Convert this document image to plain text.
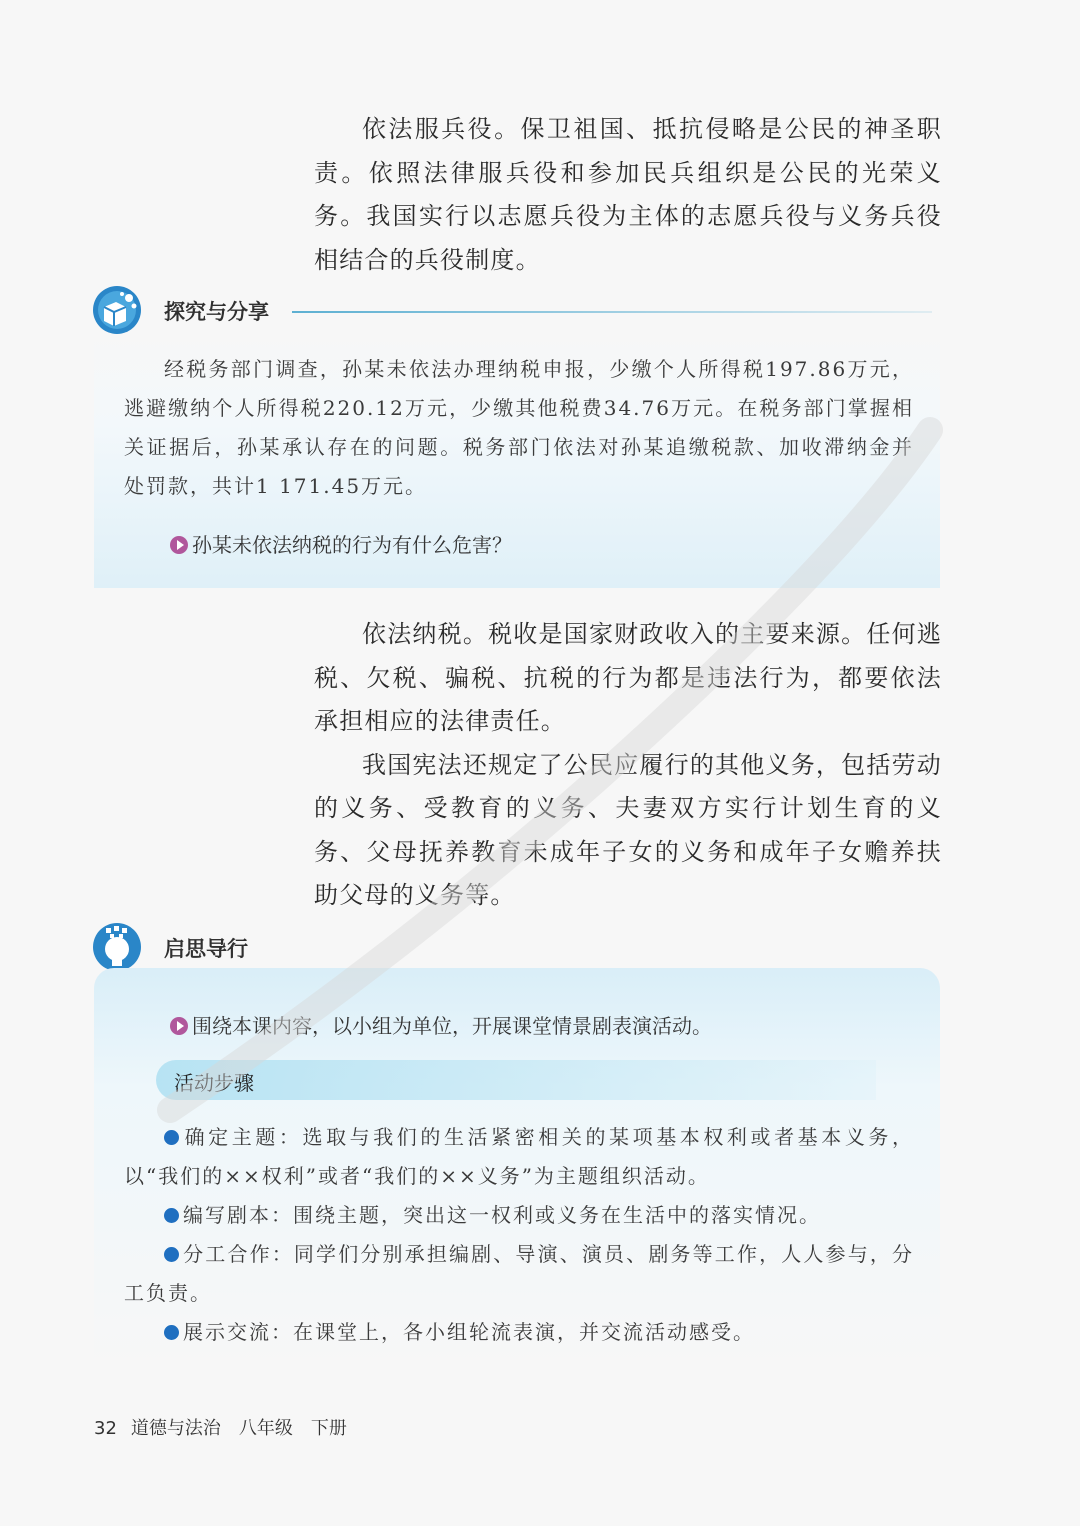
依法服兵役。保卫祖国、抵抗侵略是公民的神圣职责。依照法律服兵役和参加民兵组织是公民的光荣义务。我国实行以志愿兵役为主体的志愿兵役与义务兵役相结合的兵役制度。

探究与分享

经税务部门调查，孙某未依法办理纳税申报，少缴个人所得税197.86万元，逃避缴纳个人所得税220.12万元，少缴其他税费34.76万元。在税务部门掌握相关证据后，孙某承认存在的问题。税务部门依法对孙某追缴税款、加收滞纳金并处罚款，共计1 171.45万元。

孙某未依法纳税的行为有什么危害？

依法纳税。税收是国家财政收入的主要来源。任何逃税、欠税、骗税、抗税的行为都是违法行为，都要依法承担相应的法律责任。

我国宪法还规定了公民应履行的其他义务，包括劳动的义务、受教育的义务、夫妻双方实行计划生育的义务、父母抚养教育未成年子女的义务和成年子女赡养扶助父母的义务等。

启思导行
围绕本课内容，以小组为单位，开展课堂情景剧表演活动。
活动步骤

确定主题：选取与我们的生活紧密相关的某项基本权利或者基本义务，以“我们的××权利”或者“我们的××义务”为主题组织活动。

编写剧本：围绕主题，突出这一权利或义务在生活中的落实情况。

分工合作：同学们分别承担编剧、导演、演员、剧务等工作，人人参与，分工负责。

展示交流：在课堂上，各小组轮流表演，并交流活动感受。

32 道德与法治 八年级 下册
